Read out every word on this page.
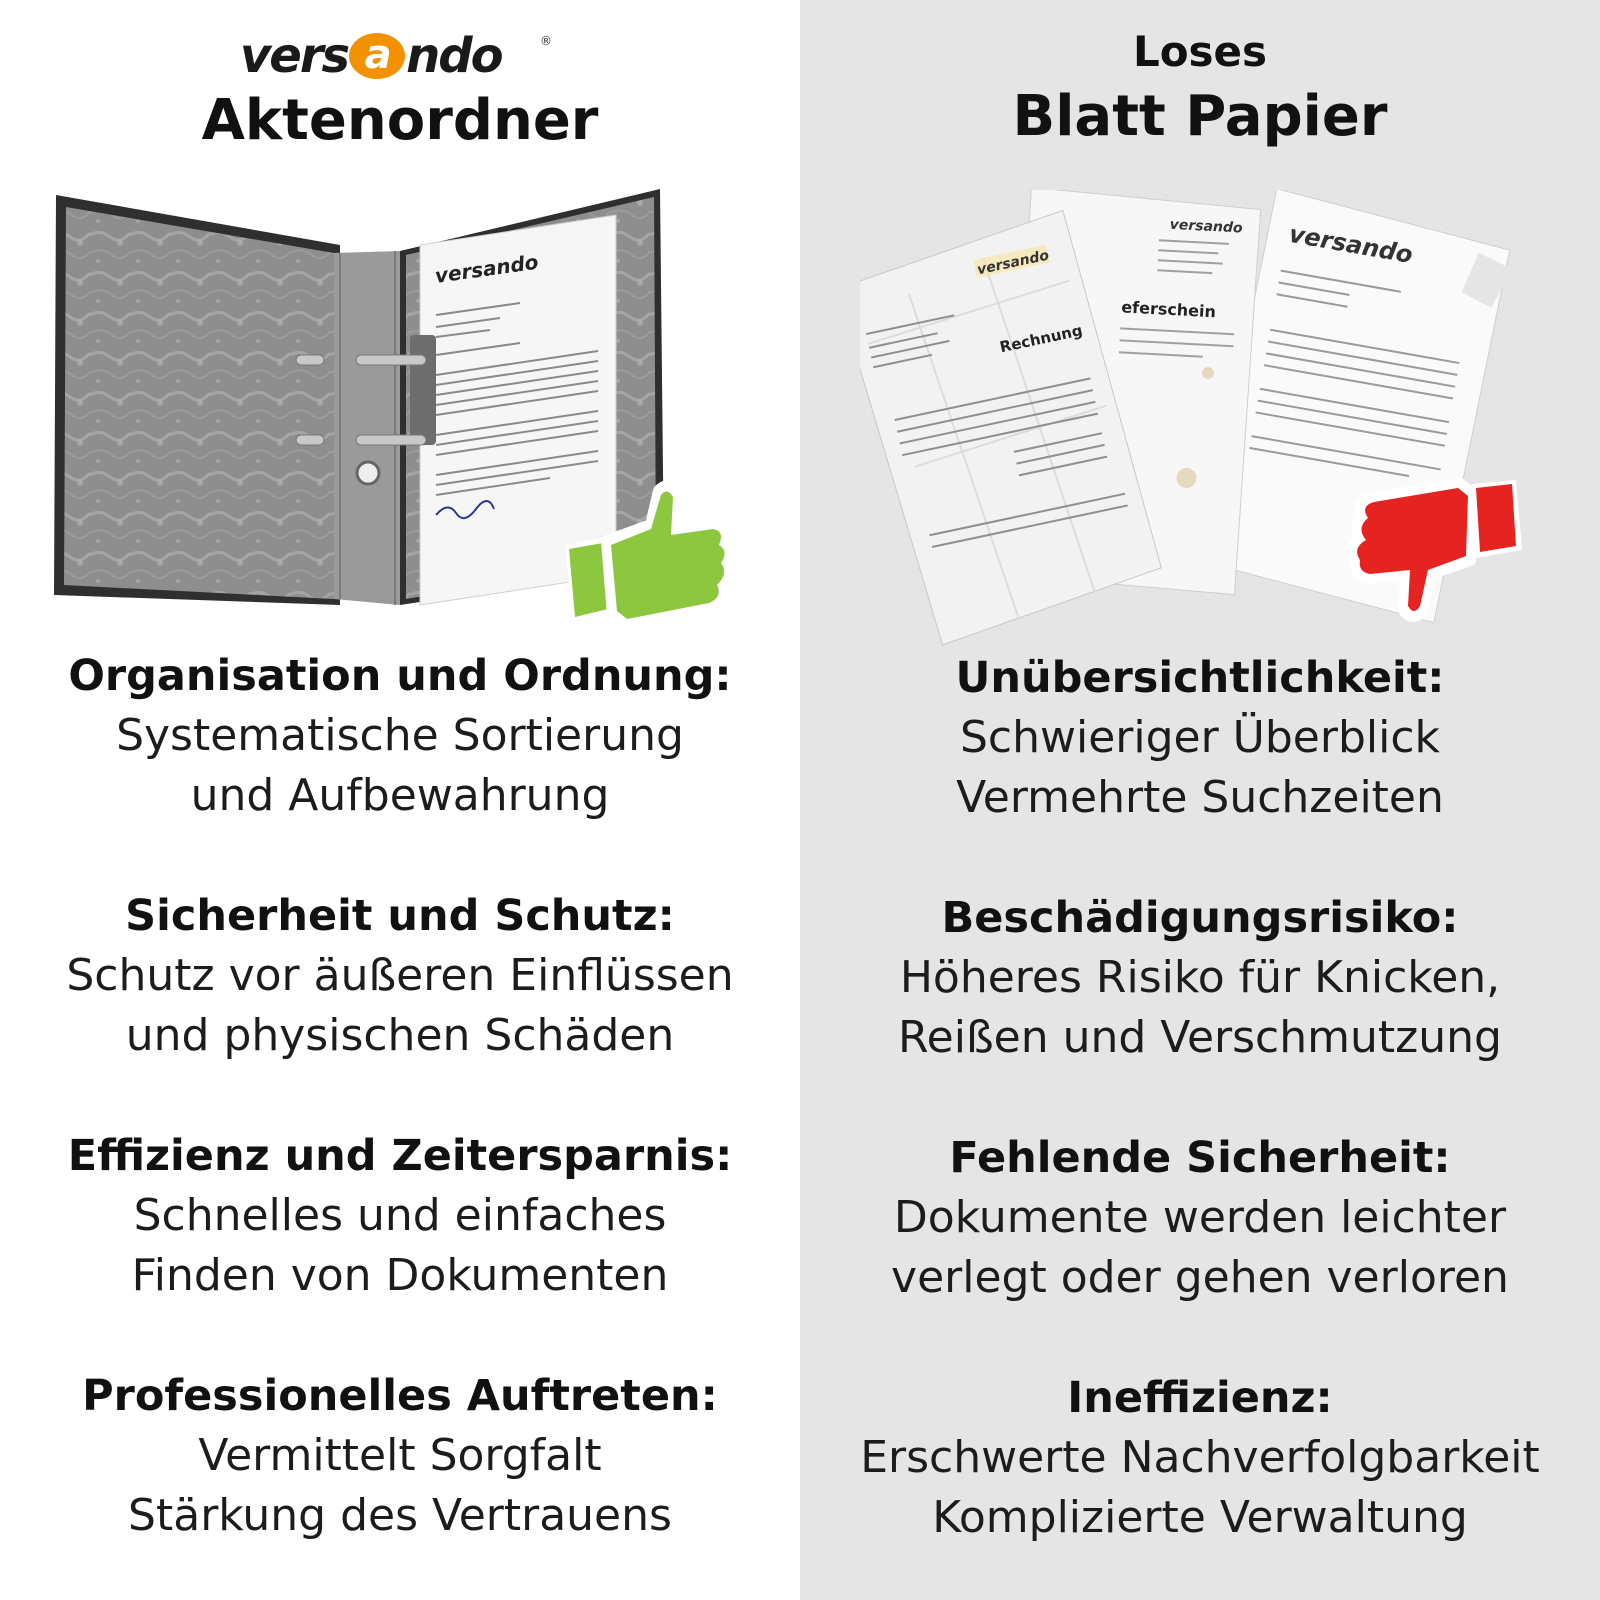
vers a ndo	®

Aktenordner

versando
Organisation und Ordnung:
Systematische Sortierung
und Aufbewahrung
Sicherheit und Schutz:
Schutz vor äußeren Einflüssen
und physischen Schäden
Effizienz und Zeitersparnis:
Schnelles und einfaches
Finden von Dokumenten
Professionelles Auftreten:
Vermittelt Sorgfalt
Stärkung des Vertrauens

Loses

Blatt Papier

versando
versando
eferschein
versando
Rechnung
Unübersichtlichkeit:
Schwieriger Überblick
Vermehrte Suchzeiten
Beschädigungsrisiko:
Höheres Risiko für Knicken,
Reißen und Verschmutzung
Fehlende Sicherheit:
Dokumente werden leichter
verlegt oder gehen verloren
Ineffizienz:
Erschwerte Nachverfolgbarkeit
Komplizierte Verwaltung
